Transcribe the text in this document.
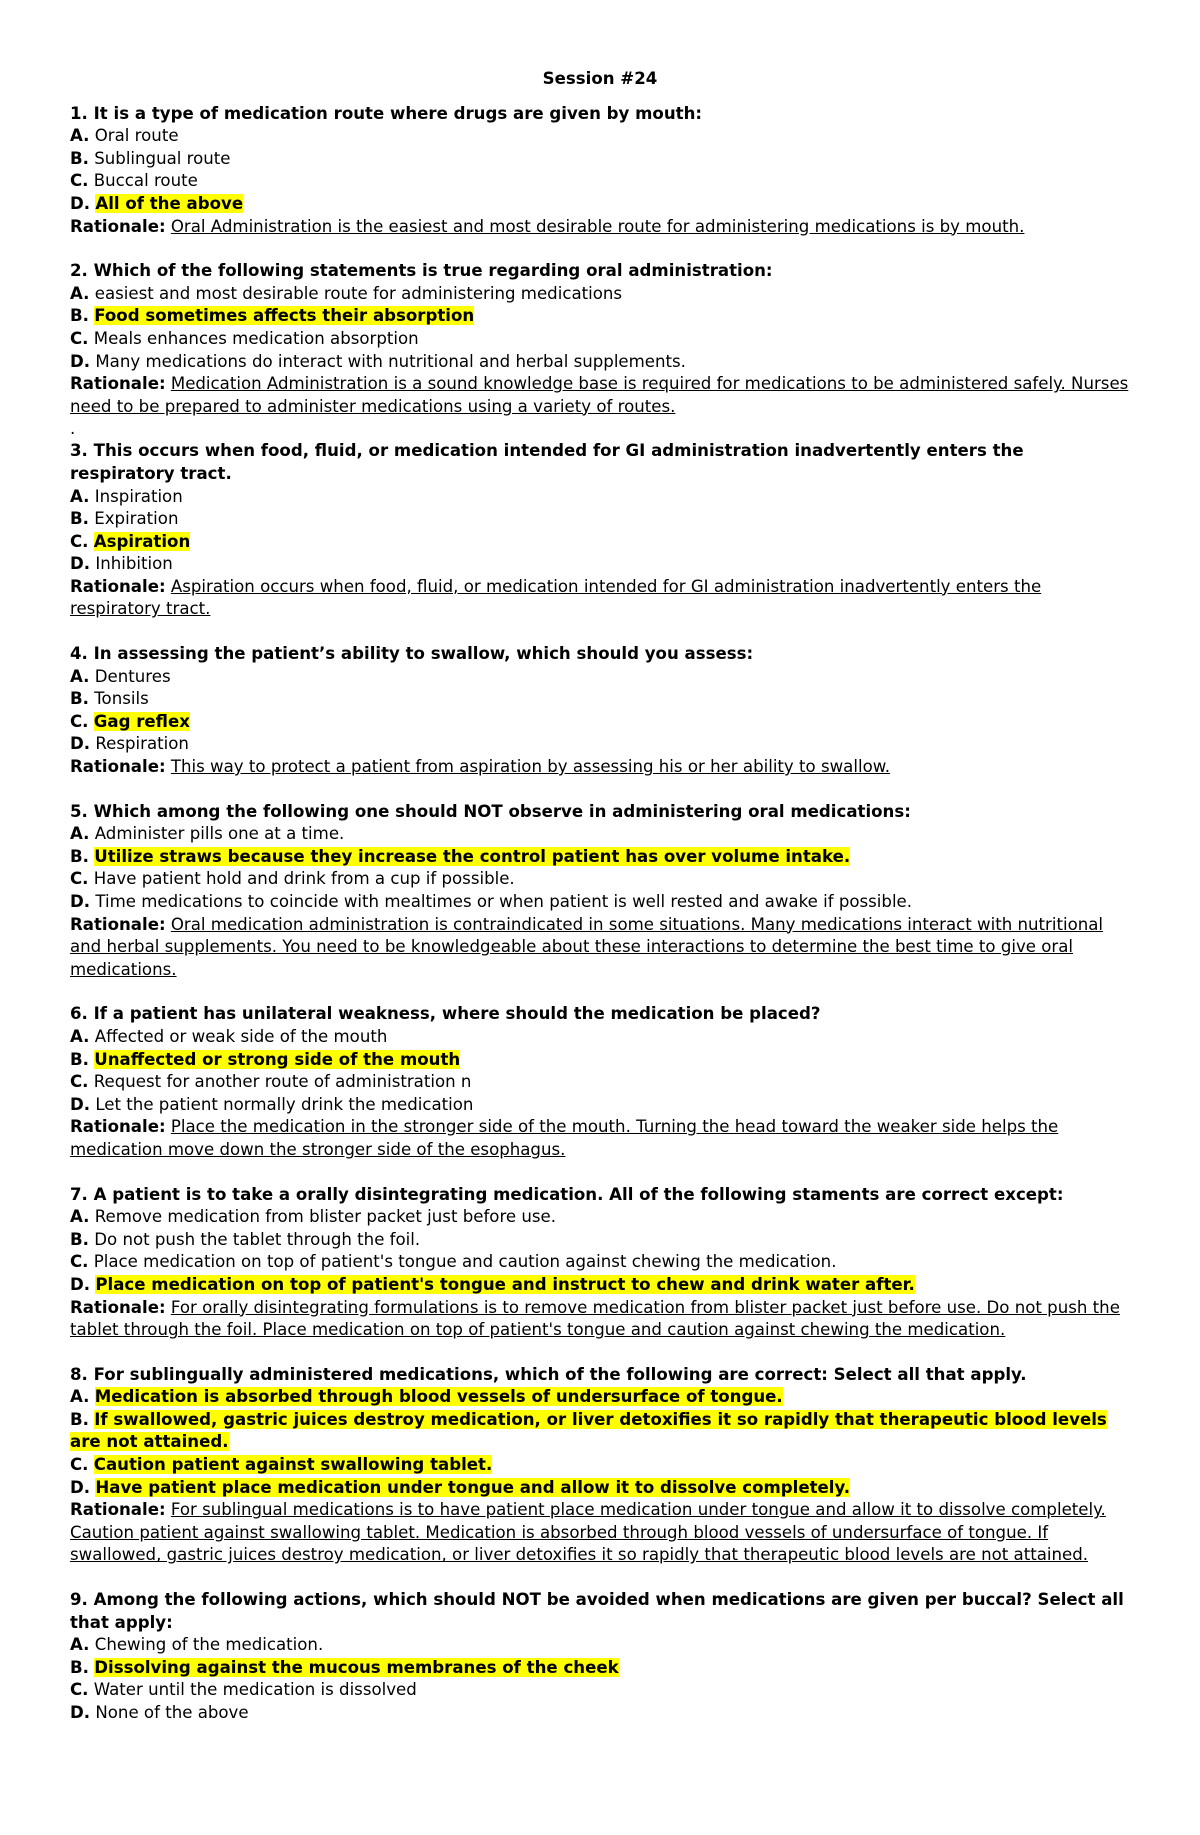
Session #24
1. It is a type of medication route where drugs are given by mouth:
A. Oral route
B. Sublingual route
C. Buccal route
D. All of the above
Rationale: Oral Administration is the easiest and most desirable route for administering medications is by mouth.
2. Which of the following statements is true regarding oral administration:
A. easiest and most desirable route for administering medications
B. Food sometimes affects their absorption
C. Meals enhances medication absorption
D. Many medications do interact with nutritional and herbal supplements.
Rationale: Medication Administration is a sound knowledge base is required for medications to be administered safely. Nurses need to be prepared to administer medications using a variety of routes.
.
3. This occurs when food, fluid, or medication intended for GI administration inadvertently enters the respiratory tract.
A. Inspiration
B. Expiration
C. Aspiration
D. Inhibition
Rationale: Aspiration occurs when food, fluid, or medication intended for GI administration inadvertently enters the respiratory tract.
4. In assessing the patient’s ability to swallow, which should you assess:
A. Dentures
B. Tonsils
C. Gag reflex
D. Respiration
Rationale: This way to protect a patient from aspiration by assessing his or her ability to swallow.
5. Which among the following one should NOT observe in administering oral medications:
A. Administer pills one at a time.
B. Utilize straws because they increase the control patient has over volume intake.
C. Have patient hold and drink from a cup if possible.
D. Time medications to coincide with mealtimes or when patient is well rested and awake if possible.
Rationale: Oral medication administration is contraindicated in some situations. Many medications interact with nutritional and herbal supplements. You need to be knowledgeable about these interactions to determine the best time to give oral medications.
6. If a patient has unilateral weakness, where should the medication be placed?
A. Affected or weak side of the mouth
B. Unaffected or strong side of the mouth
C. Request for another route of administration n
D. Let the patient normally drink the medication
Rationale: Place the medication in the stronger side of the mouth. Turning the head toward the weaker side helps the medication move down the stronger side of the esophagus.
7. A patient is to take a orally disintegrating medication. All of the following staments are correct except:
A. Remove medication from blister packet just before use.
B. Do not push the tablet through the foil.
C. Place medication on top of patient's tongue and caution against chewing the medication.
D. Place medication on top of patient's tongue and instruct to chew and drink water after.
Rationale: For orally disintegrating formulations is to remove medication from blister packet just before use. Do not push the tablet through the foil. Place medication on top of patient's tongue and caution against chewing the medication.
8. For sublingually administered medications, which of the following are correct: Select all that apply.
A. Medication is absorbed through blood vessels of undersurface of tongue.
B. If swallowed, gastric juices destroy medication, or liver detoxifies it so rapidly that therapeutic blood levels are not attained.
C. Caution patient against swallowing tablet.
D. Have patient place medication under tongue and allow it to dissolve completely.
Rationale: For sublingual medications is to have patient place medication under tongue and allow it to dissolve completely. Caution patient against swallowing tablet. Medication is absorbed through blood vessels of undersurface of tongue. If swallowed, gastric juices destroy medication, or liver detoxifies it so rapidly that therapeutic blood levels are not attained.
9. Among the following actions, which should NOT be avoided when medications are given per buccal? Select all that apply:
A. Chewing of the medication.
B. Dissolving against the mucous membranes of the cheek
C. Water until the medication is dissolved
D. None of the above
